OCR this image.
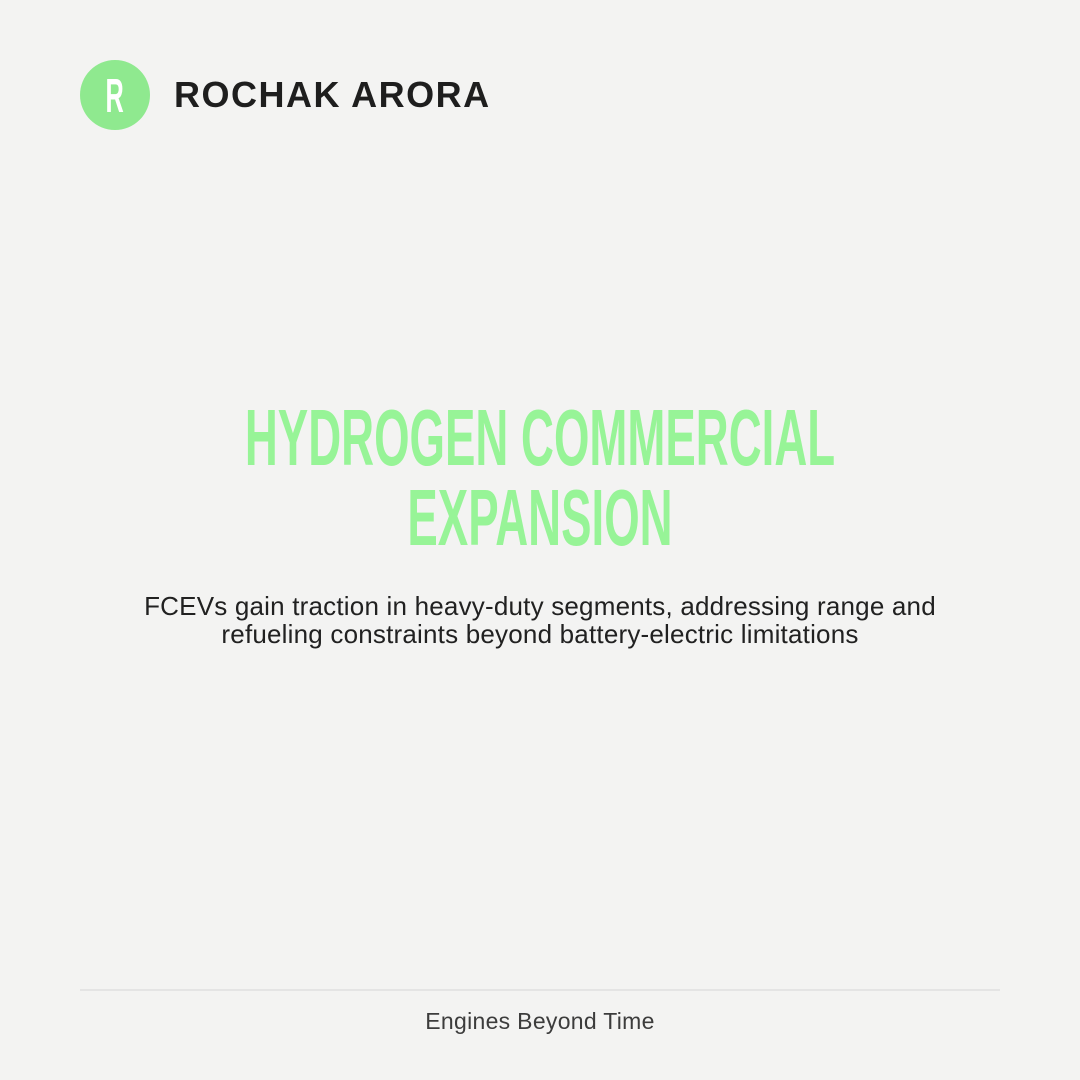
R ROCHAK ARORA
HYDROGEN COMMERCIAL
EXPANSION
FCEVs gain traction in heavy-duty segments, addressing range and
refueling constraints beyond battery-electric limitations
Engines Beyond Time
